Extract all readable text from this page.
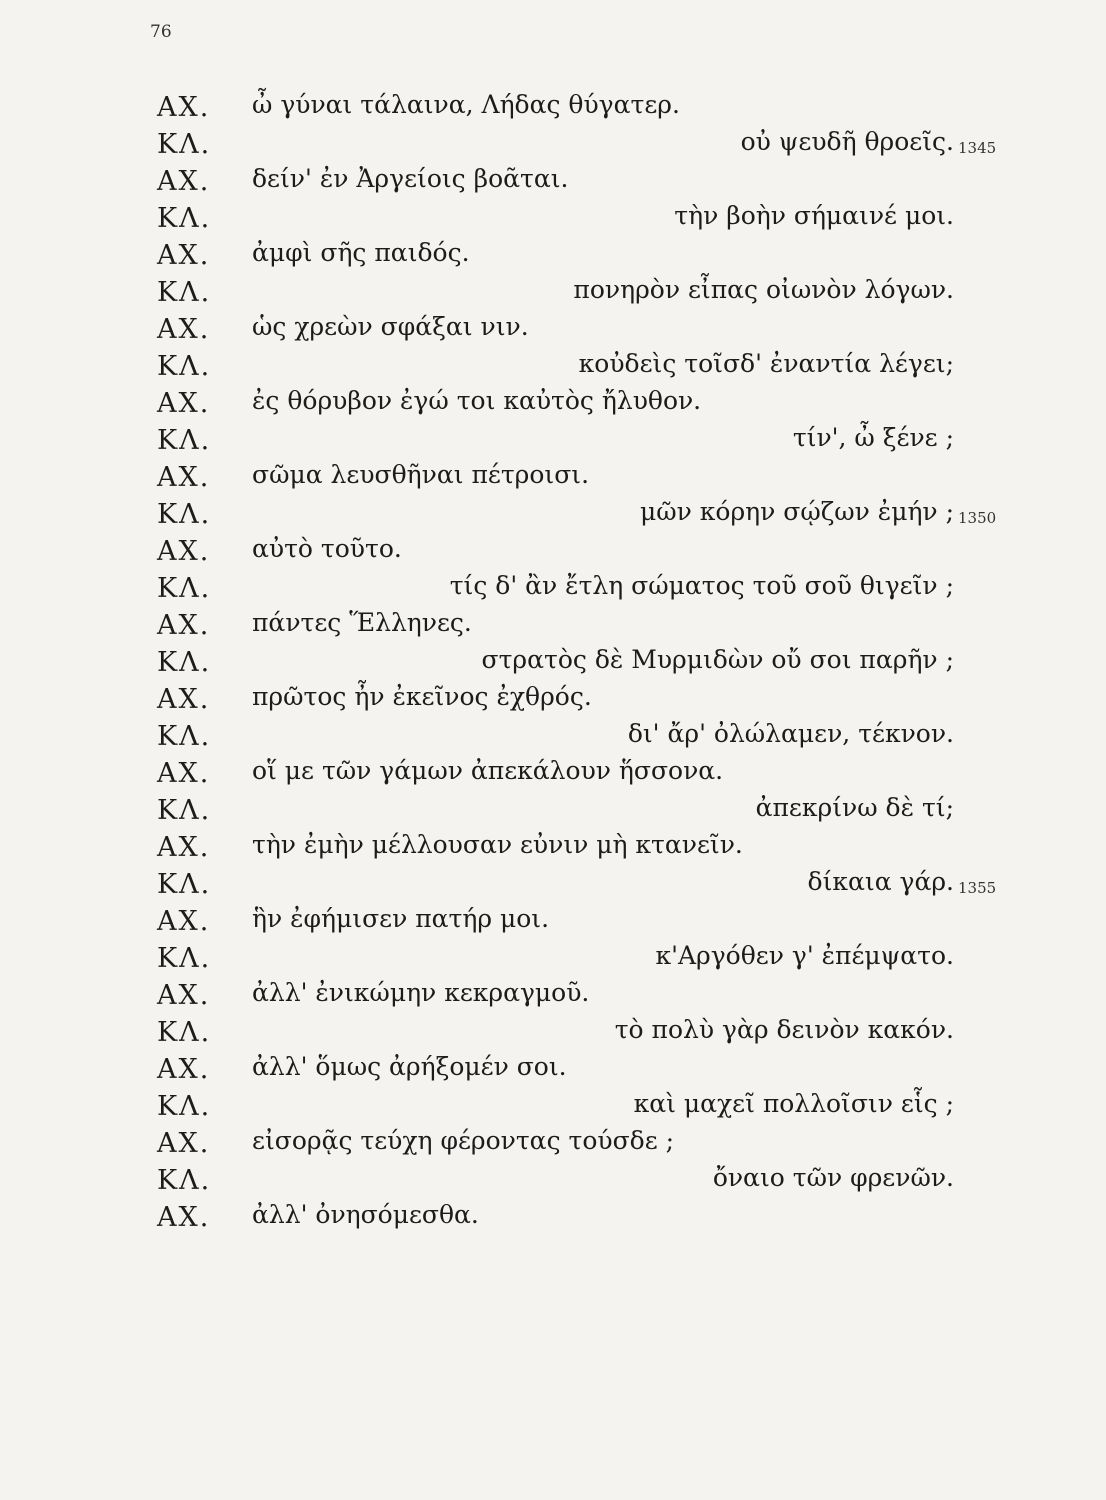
76
ΑΧ. ὦ γύναι τάλαινα, Λήδας θύγατερ.
ΚΛ.	οὐ ψευδῆ θροεῖς. 1345
ΑΧ. δείν' ἐν Ἀργείοις βοᾶται.
ΚΛ.	τὴν βοὴν σήμαινέ μοι.
ΑΧ. ἀμφὶ σῆς παιδός.
ΚΛ.	πονηρὸν εἶπας οἰωνὸν λόγων.
ΑΧ. ὡς χρεὼν σφάξαι νιν.
ΚΛ.	κοὐδεὶς τοῖσδ' ἐναντία λέγει;
ΑΧ. ἐς θόρυβον ἐγώ τοι καὐτὸς ἤλυθον.
ΚΛ.	τίν', ὦ ξένε ;
ΑΧ. σῶμα λευσθῆναι πέτροισι.
ΚΛ.	μῶν κόρην σῴζων ἐμήν ; 1350
ΑΧ. αὐτὸ τοῦτο.
ΚΛ.	τίς δ' ἂν ἔτλη σώματος τοῦ σοῦ θιγεῖν ;
ΑΧ. πάντες Ἕλληνες.
ΚΛ.	στρατὸς δὲ Μυρμιδὼν οὔ σοι παρῆν ;
ΑΧ. πρῶτος ἦν ἐκεῖνος ἐχθρός.
ΚΛ.	δι' ἄρ' ὀλώλαμεν, τέκνον.
ΑΧ. οἵ με τῶν γάμων ἀπεκάλουν ἥσσονα.
ΚΛ.	ἀπεκρίνω δὲ τί;
ΑΧ. τὴν ἐμὴν μέλλουσαν εὐνιν μὴ κτανεῖν.
ΚΛ.	δίκαια γάρ. 1355
ΑΧ. ἣν ἐφήμισεν πατήρ μοι.
ΚΛ.	κ'Αργόθεν γ' ἐπέμψατο.
ΑΧ. ἀλλ' ἐνικώμην κεκραγμοῦ.
ΚΛ.	τὸ πολὺ γὰρ δεινὸν κακόν.
ΑΧ. ἀλλ' ὅμως ἀρήξομέν σοι.
ΚΛ.	καὶ μαχεῖ πολλοῖσιν εἷς ;
ΑΧ. εἰσορᾷς τεύχη φέροντας τούσδε ;
ΚΛ.	ὄναιο τῶν φρενῶν.
ΑΧ. ἀλλ' ὀνησόμεσθα.
